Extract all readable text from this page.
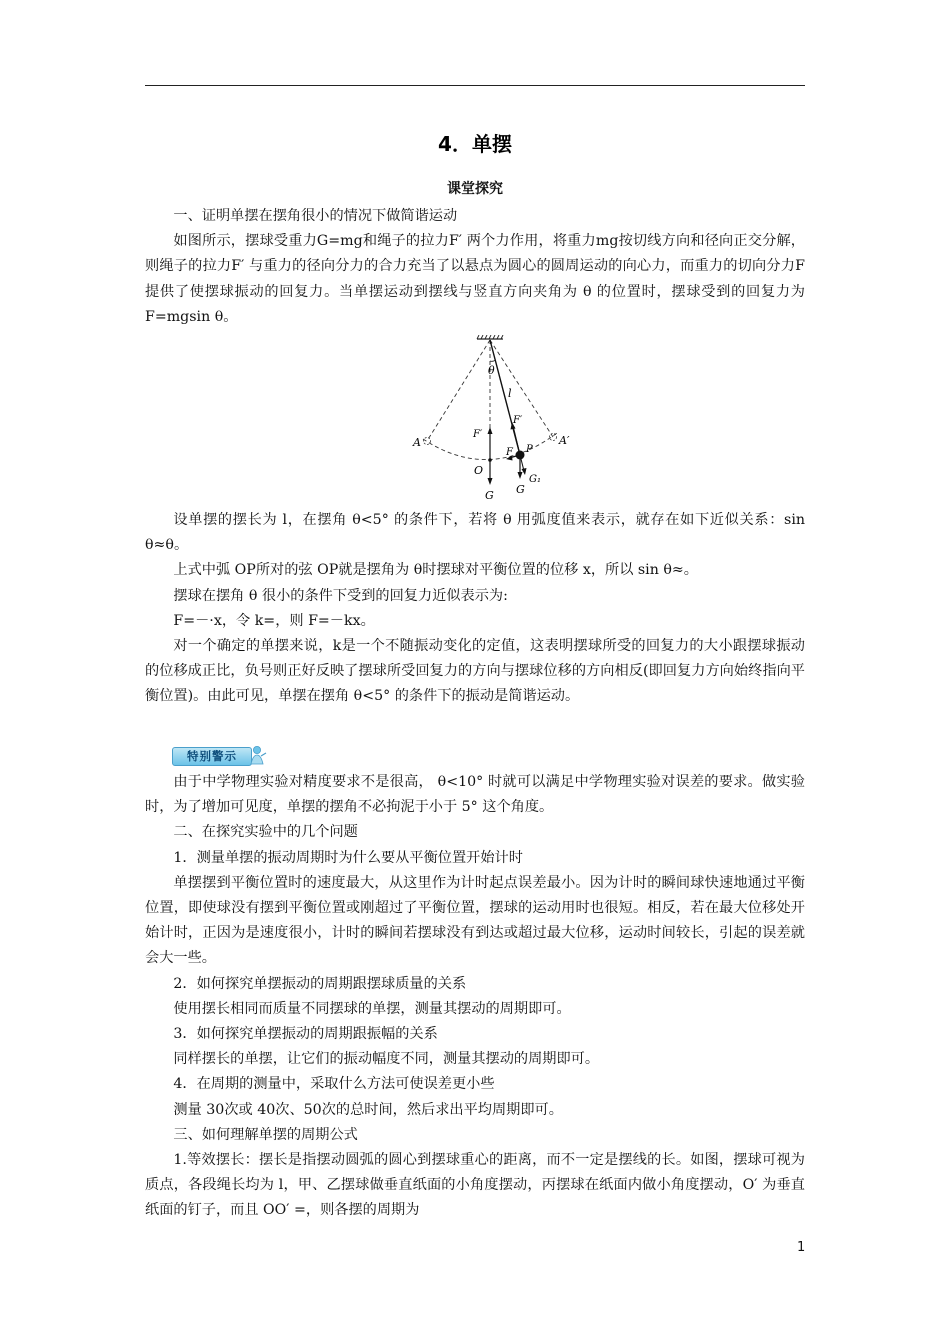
4．单摆
课堂探究

一、证明单摆在摆角很小的情况下做简谐运动

如图所示，摆球受重力G=mg和绳子的拉力F′ 两个力作用，将重力mg按切线方向和径向正交分解，则绳子的拉力F′ 与重力的径向分力的合力充当了以悬点为圆心的圆周运动的向心力，而重力的切向分力F提供了使摆球振动的回复力。当单摆运动到摆线与竖直方向夹角为 θ 的位置时，摆球受到的回复力为F=mgsin θ。

θ
l
F′
F′
A	A′
O
F P
G G
G₁

设单摆的摆长为 l，在摆角 θ<5° 的条件下，若将 θ 用弧度值来表示，就存在如下近似关系：sin θ≈θ。

上式中弧 OP所对的弦 OP就是摆角为 θ时摆球对平衡位置的位移 x，所以 sin θ≈。

摆球在摆角 θ 很小的条件下受到的回复力近似表示为:

F=－·x，令 k=，则 F=－kx。

对一个确定的单摆来说，k是一个不随振动变化的定值，这表明摆球所受的回复力的大小跟摆球振动的位移成正比，负号则正好反映了摆球所受回复力的方向与摆球位移的方向相反(即回复力方向始终指向平衡位置)。由此可见，单摆在摆角 θ<5° 的条件下的振动是简谐运动。

特别警示

由于中学物理实验对精度要求不是很高， θ<10° 时就可以满足中学物理实验对误差的要求。做实验时，为了增加可见度，单摆的摆角不必拘泥于小于 5° 这个角度。

二、在探究实验中的几个问题

1．测量单摆的振动周期时为什么要从平衡位置开始计时

单摆摆到平衡位置时的速度最大，从这里作为计时起点误差最小。因为计时的瞬间球快速地通过平衡位置，即使球没有摆到平衡位置或刚超过了平衡位置，摆球的运动用时也很短。相反，若在最大位移处开始计时，正因为是速度很小，计时的瞬间若摆球没有到达或超过最大位移，运动时间较长，引起的误差就会大一些。

2．如何探究单摆振动的周期跟摆球质量的关系

使用摆长相同而质量不同摆球的单摆，测量其摆动的周期即可。

3．如何探究单摆振动的周期跟振幅的关系

同样摆长的单摆，让它们的振动幅度不同，测量其摆动的周期即可。

4．在周期的测量中，采取什么方法可使误差更小些

测量 30次或 40次、50次的总时间，然后求出平均周期即可。

三、如何理解单摆的周期公式

1.等效摆长：摆长是指摆动圆弧的圆心到摆球重心的距离，而不一定是摆线的长。如图，摆球可视为质点，各段绳长均为 l，甲、乙摆球做垂直纸面的小角度摆动，丙摆球在纸面内做小角度摆动，O′ 为垂直纸面的钉子，而且 OO′ =，则各摆的周期为

1
